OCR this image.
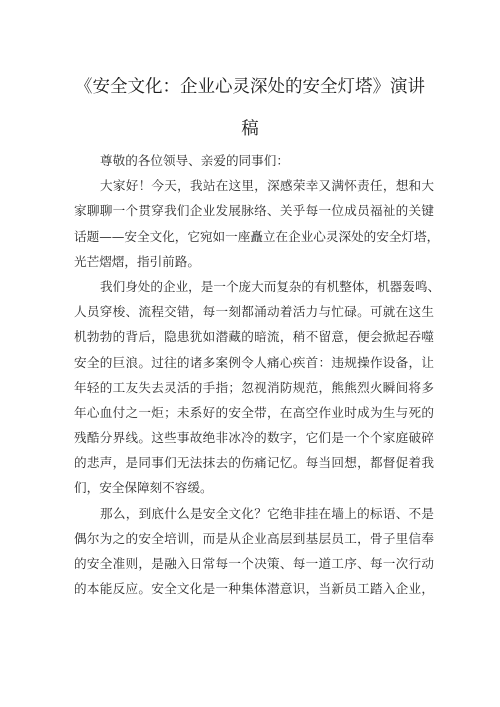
《安全文化：企业心灵深处的安全灯塔》演讲
稿
尊敬的各位领导、亲爱的同事们：
大家好！今天，我站在这里，深感荣幸又满怀责任，想和大
家聊聊一个贯穿我们企业发展脉络、关乎每一位成员福祉的关键
话题——安全文化，它宛如一座矗立在企业心灵深处的安全灯塔，
光芒熠熠，指引前路。
我们身处的企业，是一个庞大而复杂的有机整体，机器轰鸣、
人员穿梭、流程交错，每一刻都涌动着活力与忙碌。可就在这生
机勃勃的背后，隐患犹如潜藏的暗流，稍不留意，便会掀起吞噬
安全的巨浪。过往的诸多案例令人痛心疾首：违规操作设备，让
年轻的工友失去灵活的手指；忽视消防规范，熊熊烈火瞬间将多
年心血付之一炬；未系好的安全带，在高空作业时成为生与死的
残酷分界线。这些事故绝非冰冷的数字，它们是一个个家庭破碎
的悲声，是同事们无法抹去的伤痛记忆。每当回想，都督促着我
们，安全保障刻不容缓。
那么，到底什么是安全文化？它绝非挂在墙上的标语、不是
偶尔为之的安全培训，而是从企业高层到基层员工，骨子里信奉
的安全准则，是融入日常每一个决策、每一道工序、每一次行动
的本能反应。安全文化是一种集体潜意识，当新员工踏入企业，
